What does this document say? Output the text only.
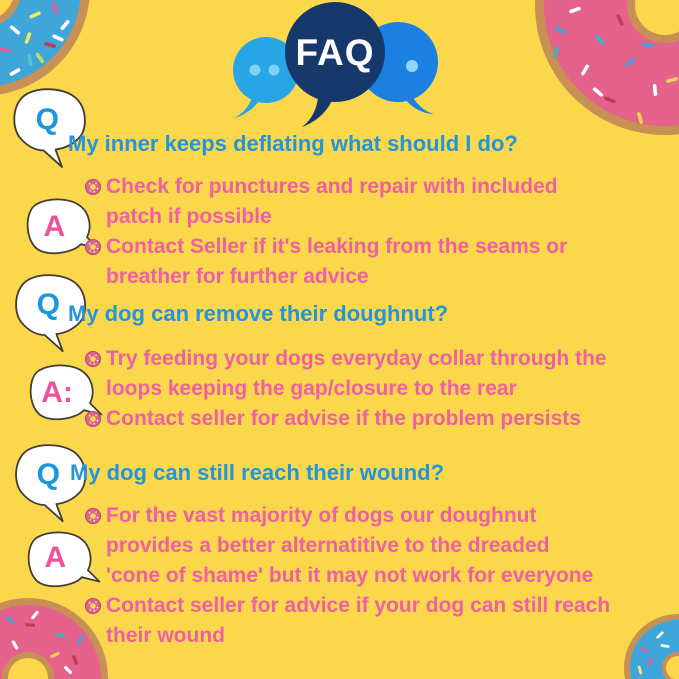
FAQ
Q
A
Q
A:
Q
A
My inner keeps deflating what should I do?
Check for punctures and repair with included
patch if possible
Contact Seller if it's leaking from the seams or
breather for further advice
My dog can remove their doughnut?
Try feeding your dogs everyday collar through the
loops keeping the gap/closure to the rear
Contact seller for advise if the problem persists
My dog can still reach their wound?
For the vast majority of dogs our doughnut
provides a better alternatitive to the dreaded
'cone of shame' but it may not work for everyone
Contact seller for advice if your dog can still reach
their wound
